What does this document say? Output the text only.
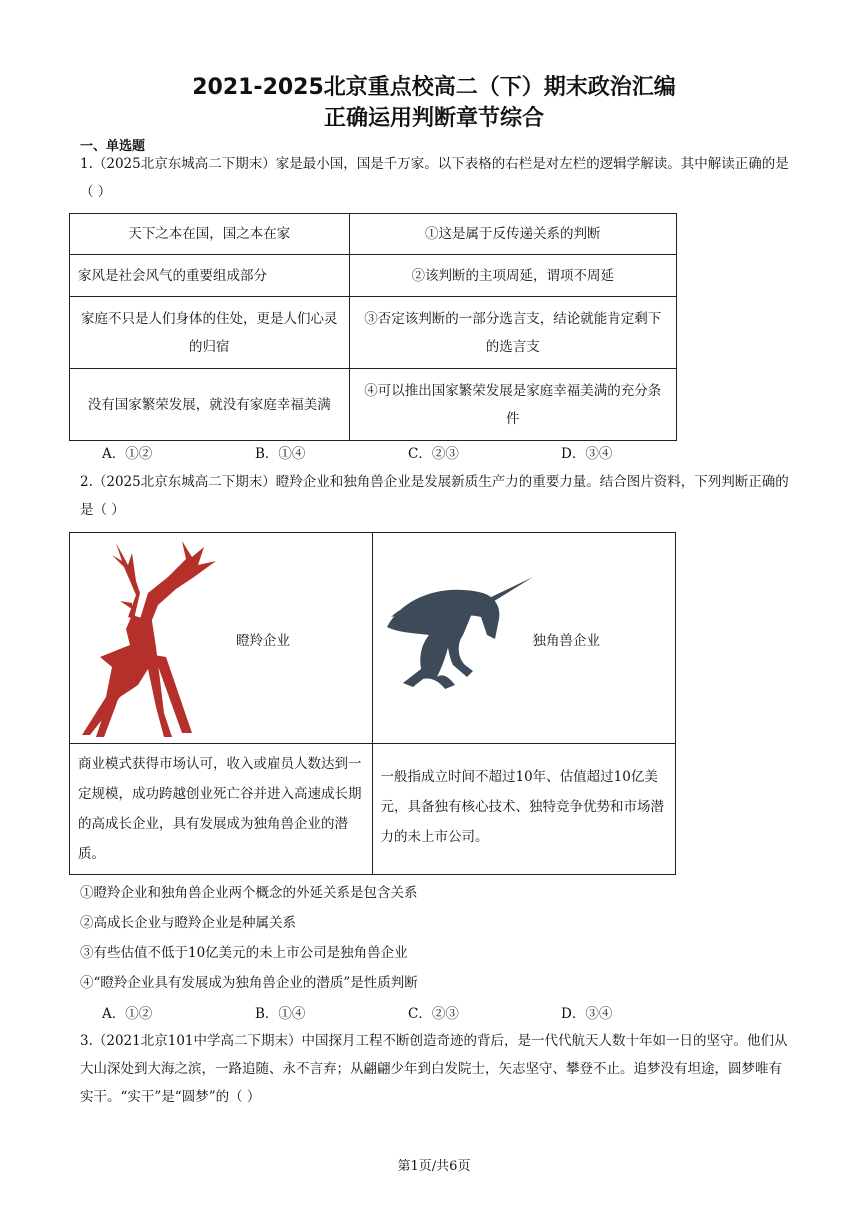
2021-2025北京重点校高二（下）期末政治汇编
正确运用判断章节综合
一、单选题
1.（2025北京东城高二下期末）家是最小国，国是千万家。以下表格的右栏是对左栏的逻辑学解读。其中解读正确的是（ ）
天下之本在国，国之本在家	①这是属于反传递关系的判断
家风是社会风气的重要组成部分	②该判断的主项周延，谓项不周延
家庭不只是人们身体的住处，更是人们心灵的归宿	③否定该判断的一部分选言支，结论就能肯定剩下的选言支
没有国家繁荣发展，就没有家庭幸福美满	④可以推出国家繁荣发展是家庭幸福美满的充分条件
A．①②	B．①④	C．②③	D．③④
2.（2025北京东城高二下期末）瞪羚企业和独角兽企业是发展新质生产力的重要力量。结合图片资料，下列判断正确的是（ ）
瞪羚企业	独角兽企业

商业模式获得市场认可，收入或雇员人数达到一定规模，成功跨越创业死亡谷并进入高速成长期的高成长企业，具有发展成为独角兽企业的潜质。	一般指成立时间不超过10年、估值超过10亿美元，具备独有核心技术、独特竞争优势和市场潜力的未上市公司。
①瞪羚企业和独角兽企业两个概念的外延关系是包含关系
②高成长企业与瞪羚企业是种属关系
③有些估值不低于10亿美元的未上市公司是独角兽企业
④“瞪羚企业具有发展成为独角兽企业的潜质”是性质判断
A．①②	B．①④	C．②③	D．③④
3.（2021北京101中学高二下期末）中国探月工程不断创造奇迹的背后，是一代代航天人数十年如一日的坚守。他们从大山深处到大海之滨，一路追随、永不言弃；从翩翩少年到白发院士，矢志坚守、攀登不止。追梦没有坦途，圆梦唯有实干。“实干”是“圆梦”的（ ）
第1页/共6页
